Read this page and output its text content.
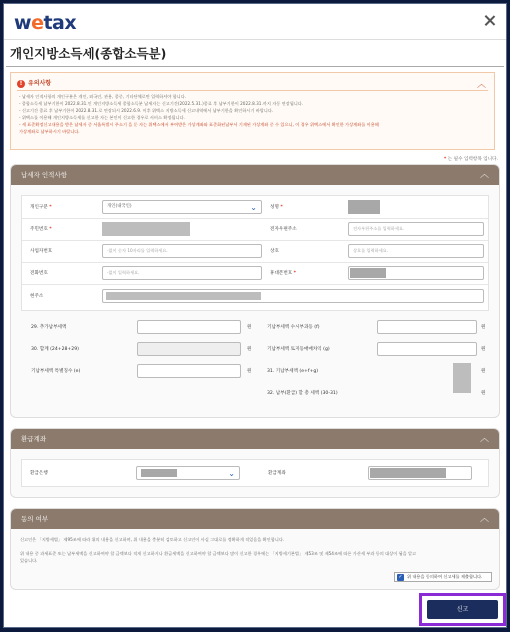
wetax
개인지방소득세(종합소득분)
! 유의사항	︿
- 납세자 인적사항의 개인구분은 개인, 외국인, 관용, 종중, 기타단체로만 입력하셔야 합니다.
- 종합소득세 납부기한이 2022.8.31.인 개인지방소득세 종합소득분 납세자는 신고기간(2022.5.31.)종료 후 납부기한이 2022.8.31.까지 자동 연장됩니다.
- 신고기간 종료 후 납부기한이 2022.8.31.로 연장되시 2022.6.9. 이후 위텍스 지방소득세 신고내역에서 납부기한을 확인하시기 바랍니다.
- 위택스를 이용해 개인지방소득세를 신고한 자는 본인이 신고한 경우로 서비스 확정됩니다.
- 세 표준확정신고내용을 받은 납세자 중 서울특별시 주소기 을 둔 자는 위택스에서 부여받은 가상계좌와 표준화된납부서 기재된 가상계좌 중 수 있으니, 이 경우 위택스에서 확인한 가상계좌를 이용해
가상계좌로 납부하시기 바랍니다.
* 는 필수 입력항목 입니다.
납세자 인적사항	︿
개인구분 *	개인(내국인)	⌄	성명 *
주민번호 *	전자우편주소	전자우편주소를 입력하세요.
사업자번호	-없이 숫자 10자리를 입력하세요.	상호	상호를 입력하세요.
전화번호	-없이 입력하세요.	휴대폰번호 *
현주소
29. 추가납부세액	원	기납부세액 수시부과등 (f)	원
30. 합계 (24+28+29)	원	기납부세액 토지등매매차익 (g)	원
기납부세액 특별징수 (e)	원	31. 기납부세액 (e+f+g)	원
32. 납부(환급) 할 총 세액 (30-31)	원
환급계좌	︿
환급은행	⌄	환급계좌
동의 여부	︿

신고인은 「지방세법」 제95조에 따라 위의 내용을 신고하며, 위 내용을 충분히 검토하고 신고인이 사실 그대로를 정확하게 적었음을 확인합니다.

위 내용 중 과세표준 또는 납부세액을 신고하여야 할 금액보다 적게 신고하거나 환급세액을 신고하여야 할 금액보다 많이 신고한 경우에는 「지방세기본법」 제53조 및 제54조에 따른 가산세 부과 등의 대상이 됨을 알고

있습니다.

✓	위 내용을 동의하여 신고세를 제출합니다.
신고
